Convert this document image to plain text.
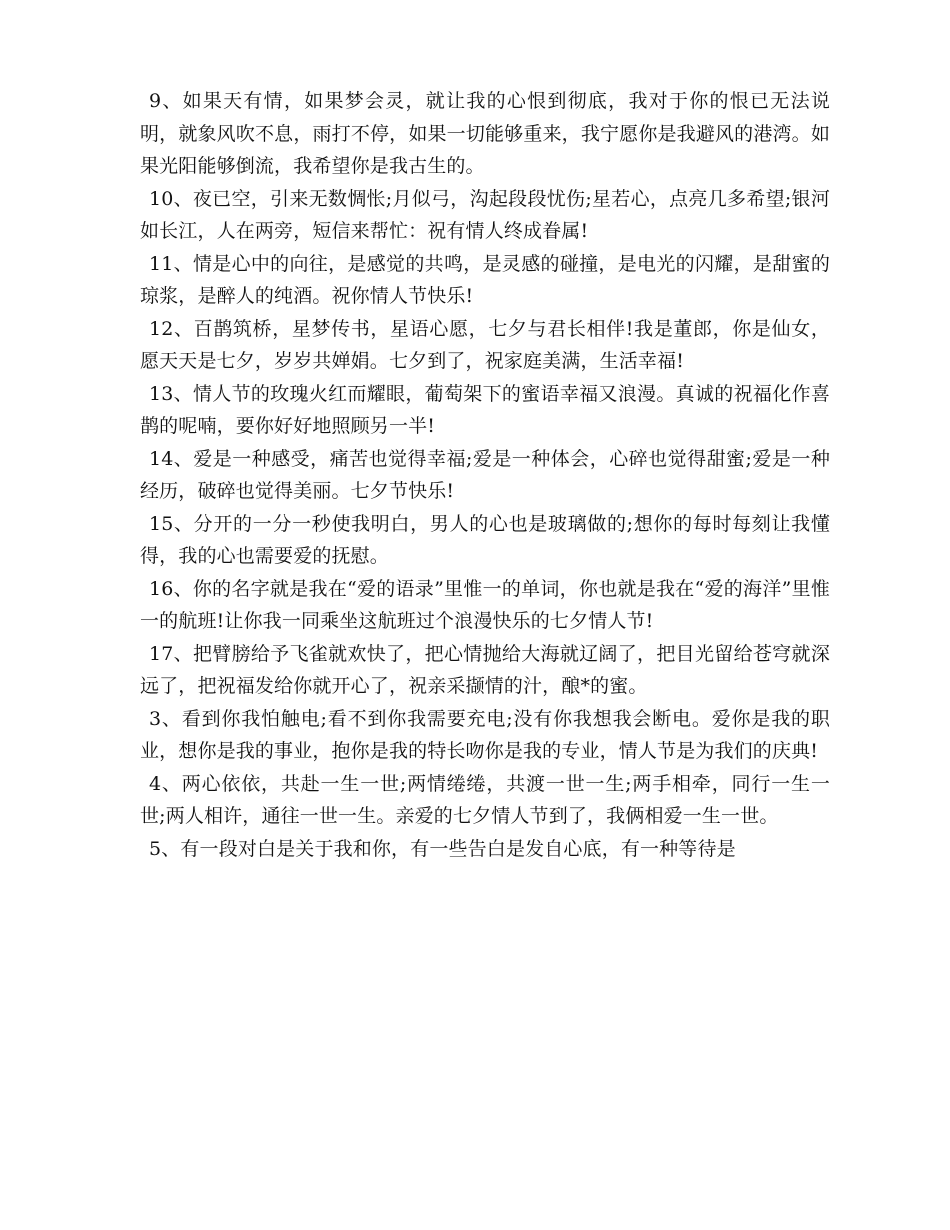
9、如果天有情，如果梦会灵，就让我的心恨到彻底，我对于你的恨已无法说明，就象风吹不息，雨打不停，如果一切能够重来，我宁愿你是我避风的港湾。如果光阳能够倒流，我希望你是我古生的。

10、夜已空，引来无数惆怅;月似弓，沟起段段忧伤;星若心，点亮几多希望;银河如长江，人在两旁，短信来帮忙：祝有情人终成眷属!

11、情是心中的向往，是感觉的共鸣，是灵感的碰撞，是电光的闪耀，是甜蜜的琼浆，是醉人的纯酒。祝你情人节快乐!

12、百鹊筑桥，星梦传书，星语心愿，七夕与君长相伴!我是董郎，你是仙女，愿天天是七夕，岁岁共婵娟。七夕到了，祝家庭美满，生活幸福!

13、情人节的玫瑰火红而耀眼，葡萄架下的蜜语幸福又浪漫。真诚的祝福化作喜鹊的呢喃，要你好好地照顾另一半!

14、爱是一种感受，痛苦也觉得幸福;爱是一种体会，心碎也觉得甜蜜;爱是一种经历，破碎也觉得美丽。七夕节快乐!

15、分开的一分一秒使我明白，男人的心也是玻璃做的;想你的每时每刻让我懂得，我的心也需要爱的抚慰。

16、你的名字就是我在“爱的语录”里惟一的单词，你也就是我在“爱的海洋”里惟一的航班!让你我一同乘坐这航班过个浪漫快乐的七夕情人节!

17、把臂膀给予飞雀就欢快了，把心情抛给大海就辽阔了，把目光留给苍穹就深远了，把祝福发给你就开心了，祝亲采撷情的汁，酿*的蜜。

3、看到你我怕触电;看不到你我需要充电;没有你我想我会断电。爱你是我的职业，想你是我的事业，抱你是我的特长吻你是我的专业，情人节是为我们的庆典!

4、两心依依，共赴一生一世;两情绻绻，共渡一世一生;两手相牵，同行一生一世;两人相许，通往一世一生。亲爱的七夕情人节到了，我俩相爱一生一世。

5、有一段对白是关于我和你，有一些告白是发自心底，有一种等待是
